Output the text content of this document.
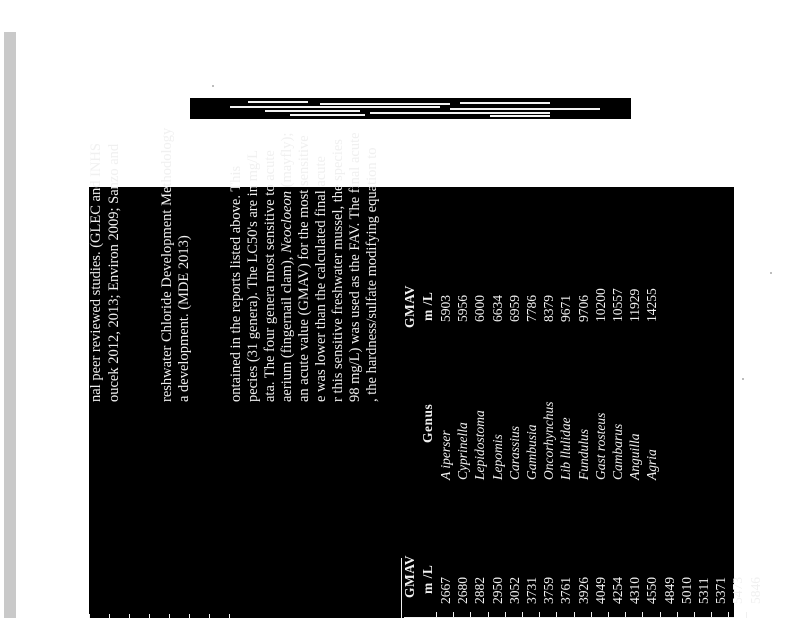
nal peer reviewed studies. (GLEC and INHS oucek 2012, 2013; Environ 2009; Sanzo and	reshwater Chloride Development Methodology a development. (MDE 2013) ontained in the reports listed above. This pecies (31 genera). The LC50's are in mg/L ata. The four genera most sensitive to acute aerium (fingernail clam), Neocloeon (mayfly); an acute value (GMAV) for the most sensitive e was lower than the calculated final acute r this sensitive freshwater mussel, the species 98 mg/L) was used as the FAV. The final acute , the hardness/sulfate modifying equation to
GMAV m /L
Genus
GMAV m /L
2667 2680 2882 2950 3052 3731 3759 3761 3926 4049 4254 4310 4550 4849 5010 5311 5371 5473 5846
A iperser Cyprinella Lepidostoma Lepomis Carassius Gambusia Oncorhynchus Lib llulidae Fundulus Gast rosteus Cambarus Anguilla Agria
5903 5956 6000 6634 6959 7786 8379 9671 9706 10200 10557 11929 14255
